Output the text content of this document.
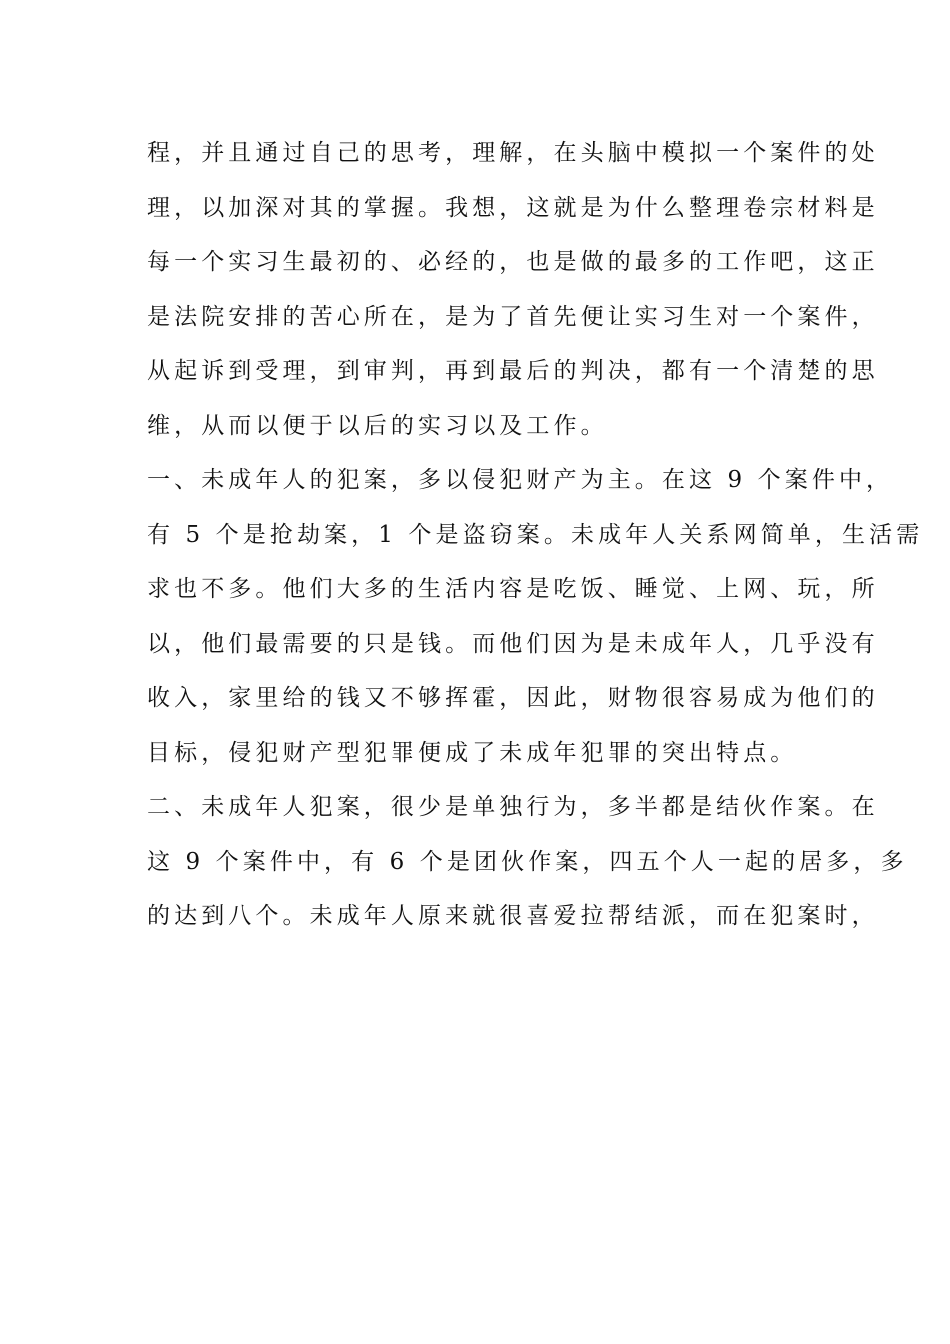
程，并且通过自己的思考，理解，在头脑中模拟一个案件的处
理，以加深对其的掌握。我想，这就是为什么整理卷宗材料是
每一个实习生最初的、必经的，也是做的最多的工作吧，这正
是法院安排的苦心所在，是为了首先便让实习生对一个案件，
从起诉到受理，到审判，再到最后的判决，都有一个清楚的思
维，从而以便于以后的实习以及工作。
一、未成年人的犯案，多以侵犯财产为主。在这 9 个案件中，
有 5 个是抢劫案，1 个是盗窃案。未成年人关系网简单，生活需
求也不多。他们大多的生活内容是吃饭、睡觉、上网、玩，所
以，他们最需要的只是钱。而他们因为是未成年人，几乎没有
收入，家里给的钱又不够挥霍，因此，财物很容易成为他们的
目标，侵犯财产型犯罪便成了未成年犯罪的突出特点。
二、未成年人犯案，很少是单独行为，多半都是结伙作案。在
这 9 个案件中，有 6 个是团伙作案，四五个人一起的居多，多
的达到八个。未成年人原来就很喜爱拉帮结派，而在犯案时，
